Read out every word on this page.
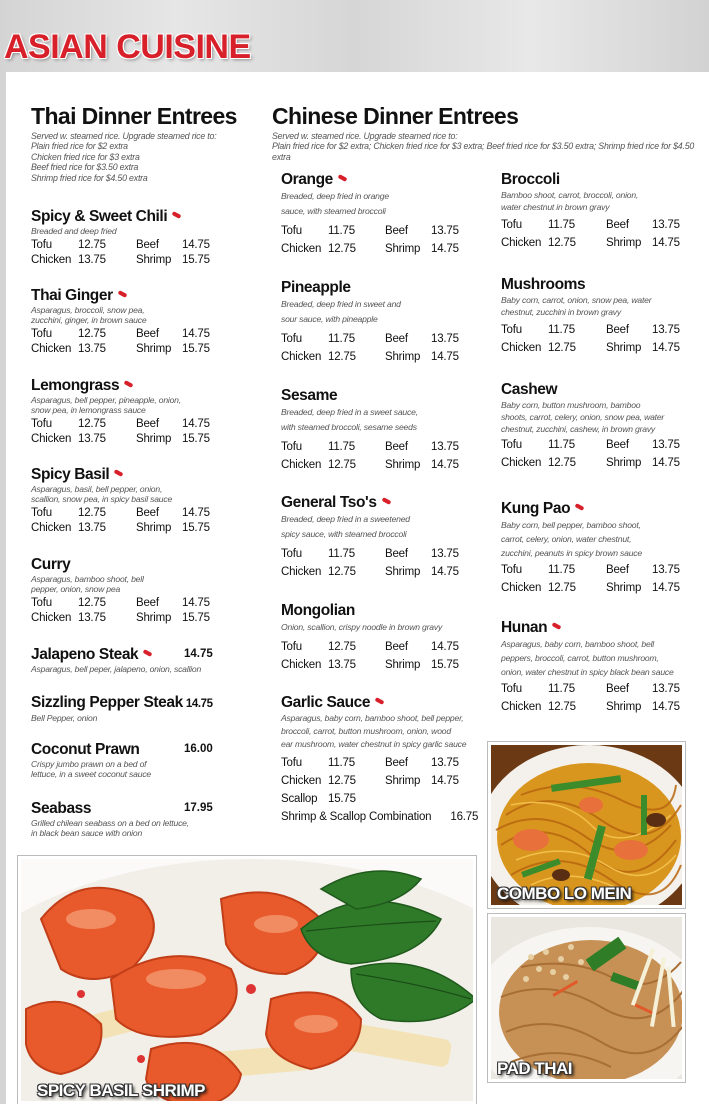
ASIAN CUISINE
Thai Dinner Entrees
Served w. steamed rice. Upgrade steamed rice to:
Plain fried rice for $2 extra
Chicken fried rice for $3 extra
Beef fried rice for $3.50 extra
Shrimp fried rice for $4.50 extra
Spicy & Sweet Chili
Breaded and deep fried
Tofu	12.75	Beef	14.75
Chicken 13.75	Shrimp 15.75
Thai Ginger
Asparagus, broccoli, snow pea,
zucchini, ginger, in brown sauce
Tofu	12.75	Beef	14.75
Chicken 13.75	Shrimp 15.75
Lemongrass
Asparagus, bell pepper, pineapple, onion,
snow pea, in lemongrass sauce
Tofu	12.75	Beef	14.75
Chicken 13.75	Shrimp 15.75
Spicy Basil
Asparagus, basil, bell pepper, onion,
scallion, snow pea, in spicy basil sauce
Tofu	12.75	Beef	14.75
Chicken 13.75	Shrimp 15.75
Curry
Asparagus, bamboo shoot, bell
pepper, onion, snow pea
Tofu	12.75	Beef	14.75
Chicken 13.75	Shrimp 15.75
Jalapeno Steak	14.75
Asparagus, bell peper, jalapeno, onion, scallion
Sizzling Pepper Steak 14.75
Bell Pepper, onion
Coconut Prawn	16.00
Crispy jumbo prawn on a bed of
lettuce, in a sweet coconut sauce
Seabass	17.95
Grilled chilean seabass on a bed on lettuce,
in black bean sauce with onion
Chinese Dinner Entrees
Served w. steamed rice. Upgrade steamed rice to:
Plain fried rice for $2 extra; Chicken fried rice for $3 extra; Beef fried rice for $3.50 extra; Shrimp fried rice for $4.50 extra
Orange
Breaded, deep fried in orange
sauce, with steamed broccoli
Tofu	11.75	Beef	13.75
Chicken 12.75	Shrimp 14.75
Pineapple
Breaded, deep fried in sweet and
sour sauce, with pineapple
Tofu	11.75	Beef	13.75
Chicken 12.75	Shrimp 14.75
Sesame
Breaded, deep fried in a sweet sauce,
with steamed broccoli, sesame seeds
Tofu	11.75	Beef	13.75
Chicken 12.75	Shrimp 14.75
General Tso's
Breaded, deep fried in a sweetened
spicy sauce, with steamed broccoli
Tofu	11.75	Beef	13.75
Chicken 12.75	Shrimp 14.75
Mongolian
Onion, scallion, crispy noodle in brown gravy
Tofu	12.75	Beef	14.75
Chicken 13.75	Shrimp 15.75
Garlic Sauce
Asparagus, baby corn, bamboo shoot, bell pepper,
broccoli, carrot, button mushroom, onion, wood
ear mushroom, water chestnut in spicy garlic sauce
Tofu	11.75	Beef	13.75
Chicken 12.75	Shrimp 14.75
Scallop 15.75
Shrimp & Scallop Combination 16.75
Broccoli
Bamboo shoot, carrot, broccoli, onion,
water chestnut in brown gravy
Tofu	11.75	Beef	13.75
Chicken 12.75	Shrimp 14.75
Mushrooms
Baby corn, carrot, onion, snow pea, water
chestnut, zucchini in brown gravy
Tofu	11.75	Beef	13.75
Chicken 12.75	Shrimp 14.75
Cashew
Baby corn, button mushroom, bamboo
shoots, carrot, celery, onion, snow pea, water
chestnut, zucchini, cashew, in brown gravy
Tofu	11.75	Beef	13.75
Chicken 12.75	Shrimp 14.75
Kung Pao
Baby corn, bell pepper, bamboo shoot,
carrot, celery, onion, water chestnut,
zucchini, peanuts in spicy brown sauce
Tofu	11.75	Beef	13.75
Chicken 12.75	Shrimp 14.75
Hunan
Asparagus, baby corn, bamboo shoot, bell
peppers, broccoli, carrot, button mushroom,
onion, water chestnut in spicy black bean sauce
Tofu	11.75	Beef	13.75
Chicken 12.75	Shrimp 14.75
COMBO LO MEIN
PAD THAI
SPICY BASIL SHRIMP
